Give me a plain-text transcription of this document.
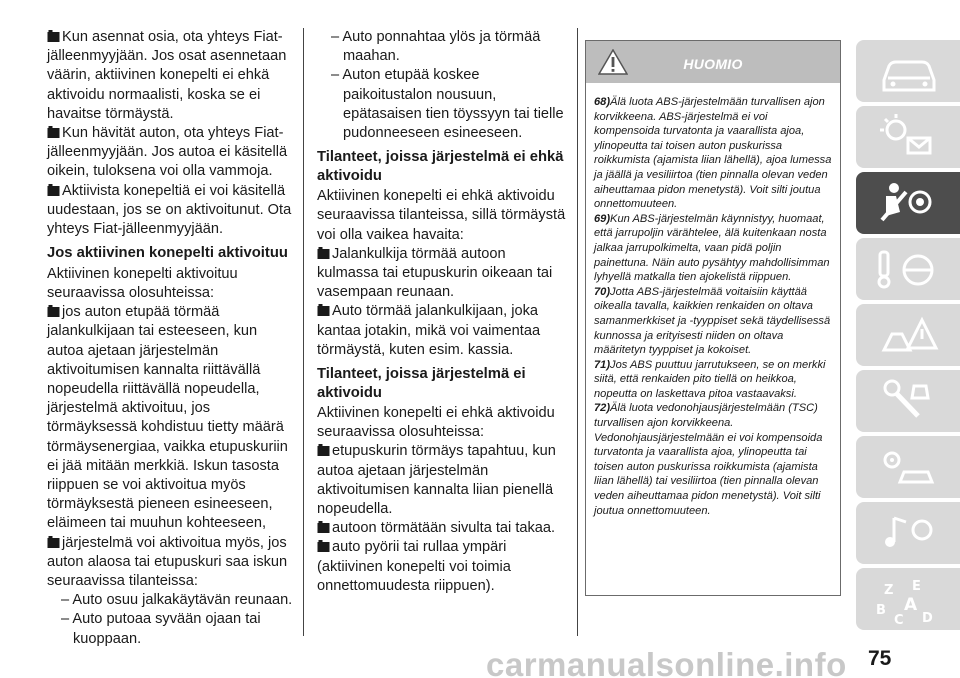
Kun asennat osia, ota yhteys Fiat-jälleenmyyjään. Jos osat asennetaan väärin, aktiivinen konepelti ei ehkä aktivoidu normaalisti, koska se ei havaitse törmäystä.

Kun hävität auton, ota yhteys Fiat-jälleenmyyjään. Jos autoa ei käsitellä oikein, tuloksena voi olla vammoja.

Aktiivista konepeltiä ei voi käsitellä uudestaan, jos se on aktivoitunut. Ota yhteys Fiat-jälleenmyyjään.

Jos aktiivinen konepelti aktivoituu

Aktiivinen konepelti aktivoituu seuraavissa olosuhteissa:

jos auton etupää törmää jalankulkijaan tai esteeseen, kun autoa ajetaan järjestelmän aktivoitumisen kannalta riittävällä nopeudella riittävällä nopeudella, järjestelmä aktivoituu, jos törmäyksessä kohdistuu tietty määrä törmäysenergiaa, vaikka etupuskuriin ei jää mitään merkkiä. Iskun tasosta riippuen se voi aktivoitua myös törmäyksestä pieneen esineeseen, eläimeen tai muuhun kohteeseen,

järjestelmä voi aktivoitua myös, jos auton alaosa tai etupuskuri saa iskun seuraavissa tilanteissa:

– Auto osuu jalkakäytävän reunaan.

– Auto putoaa syvään ojaan tai kuoppaan.

– Auto ponnahtaa ylös ja törmää maahan.

– Auton etupää koskee paikoitustalon nousuun, epätasaisen tien töyssyyn tai tielle pudonneeseen esineeseen.

Tilanteet, joissa järjestelmä ei ehkä aktivoidu

Aktiivinen konepelti ei ehkä aktivoidu seuraavissa tilanteissa, sillä törmäystä voi olla vaikea havaita:

Jalankulkija törmää autoon kulmassa tai etupuskurin oikeaan tai vasempaan reunaan.

Auto törmää jalankulkijaan, joka kantaa jotakin, mikä voi vaimentaa törmäystä, kuten esim. kassia.

Tilanteet, joissa järjestelmä ei aktivoidu

Aktiivinen konepelti ei ehkä aktivoidu seuraavissa olosuhteissa:

etupuskurin törmäys tapahtuu, kun autoa ajetaan järjestelmän aktivoitumisen kannalta liian pienellä nopeudella.

autoon törmätään sivulta tai takaa.

auto pyörii tai rullaa ympäri (aktiivinen konepelti voi toimia onnettomuudesta riippuen).

HUOMIO

68)Älä luota ABS-järjestelmään turvallisen ajon korvikkeena. ABS-järjestelmä ei voi kompensoida turvatonta ja vaarallista ajoa, ylinopeutta tai toisen auton puskurissa roikkumista (ajamista liian lähellä), ajoa lumessa ja jäällä ja vesiliirtoa (tien pinnalla olevan veden aiheuttamaa pidon menetystä). Voit silti joutua onnettomuuteen.

69)Kun ABS-järjestelmän käynnistyy, huomaat, että jarrupoljin värähtelee, älä kuitenkaan nosta jalkaa jarrupolkimelta, vaan pidä poljin painettuna. Näin auto pysähtyy mahdollisimman lyhyellä matkalla tien ajokelistä riippuen.

70)Jotta ABS-järjestelmää voitaisiin käyttää oikealla tavalla, kaikkien renkaiden on oltava samanmerkkiset ja -tyyppiset sekä täydellisessä kunnossa ja erityisesti niiden on oltava määritetyn tyyppiset ja kokoiset.

71)Jos ABS puuttuu jarrutukseen, se on merkki siitä, että renkaiden pito tiellä on heikkoa, nopeutta on laskettava pitoa vastaavaksi.

72)Älä luota vedonohjausjärjestelmään (TSC) turvallisen ajon korvikkeena. Vedonohjausjärjestelmään ei voi kompensoida turvatonta ja vaarallista ajoa, ylinopeutta tai toisen auton puskurissa roikkumista (ajamista liian lähellä) tai vesiliirtoa (tien pinnalla olevan veden aiheuttamaa pidon menetystä). Voit silti joutua onnettomuuteen.

Z E
B
C
A
D
carmanualsonline.info 75
